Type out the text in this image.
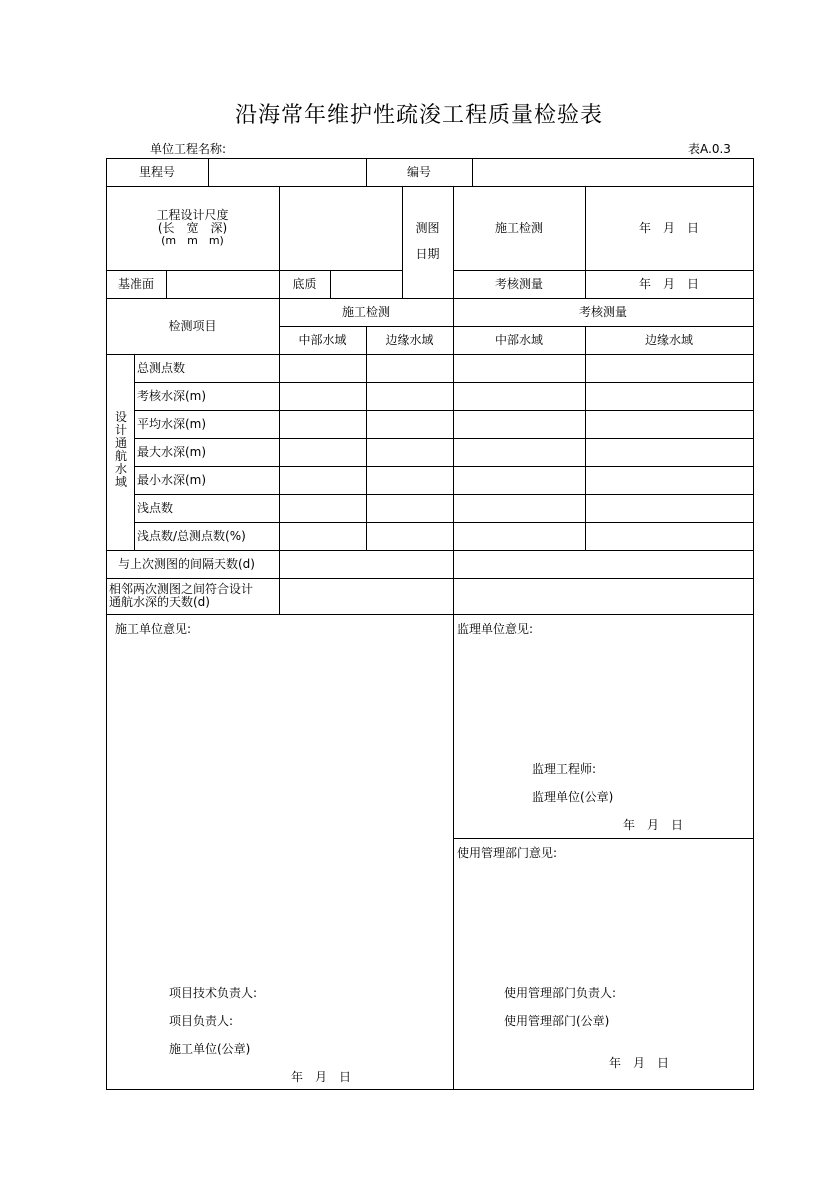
沿海常年维护性疏浚工程质量检验表
单位工程名称:	表A.0.3
里程号	编号
工程设计尺度
(长　宽　深)
(m　m　m)
测图
日期
施工检测	年　月　日
基准面	底质	考核测量	年　月　日
检测项目
施工检测	考核测量
中部水域	边缘水域	中部水域	边缘水域
设计通航水域
总测点数
考核水深(m)
平均水深(m)
最大水深(m)
最小水深(m)
浅点数
浅点数/总测点数(%)
与上次测图的间隔天数(d)
相邻两次测图之间符合设计
通航水深的天数(d)
施工单位意见:	监理单位意见:
监理工程师:
监理单位(公章)
年　月　日
使用管理部门意见:
项目技术负责人:
项目负责人:
施工单位(公章)
年　月　日
使用管理部门负责人:
使用管理部门(公章)
年　月　日
